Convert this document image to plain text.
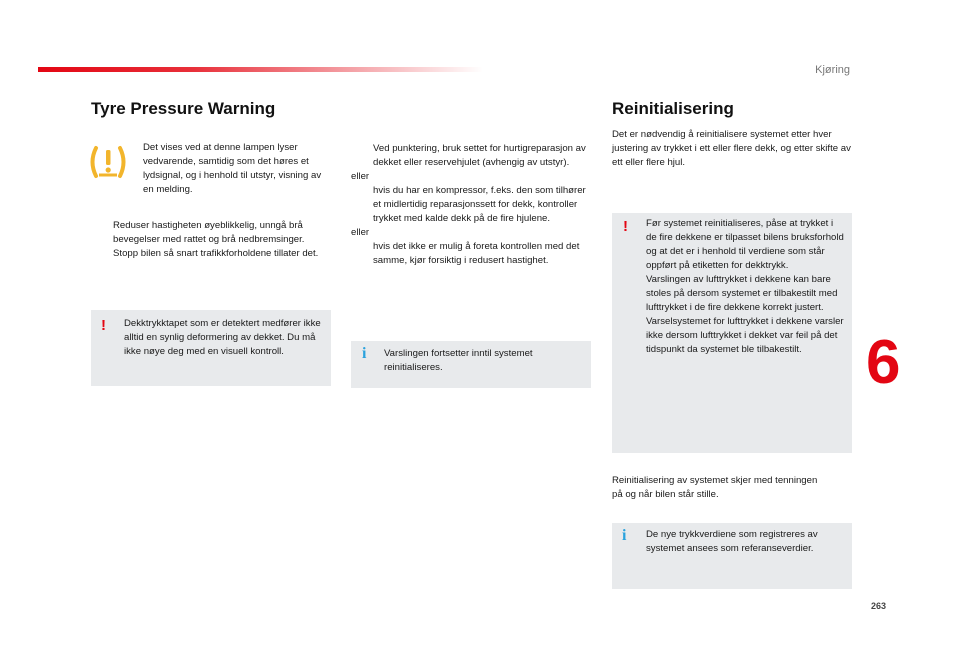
Kjøring
Tyre Pressure Warning
Det vises ved at denne lampen lyser vedvarende, samtidig som det høres et lydsignal, og i henhold til utstyr, visning av en melding.
Reduser hastigheten øyeblikkelig, unngå brå bevegelser med rattet og brå nedbremsinger.
Stopp bilen så snart trafikkforholdene tillater det.
! Dekktrykktapet som er detektert medfører ikke alltid en synlig deformering av dekket. Du må ikke nøye deg med en visuell kontroll.
Ved punktering, bruk settet for hurtigreparasjon av dekket eller reservehjulet (avhengig av utstyr).

eller

hvis du har en kompressor, f.eks. den som tilhører et midlertidig reparasjonssett for dekk, kontroller trykket med kalde dekk på de fire hjulene.

eller

hvis det ikke er mulig å foreta kontrollen med det samme, kjør forsiktig i redusert hastighet.
i Varslingen fortsetter inntil systemet reinitialiseres.
Reinitialisering
Det er nødvendig å reinitialisere systemet etter hver justering av trykket i ett eller flere dekk, og etter skifte av ett eller flere hjul.
! Før systemet reinitialiseres, påse at trykket i de fire dekkene er tilpasset bilens bruksforhold og at det er i henhold til verdiene som står oppført på etiketten for dekktrykk.

Varslingen av lufttrykket i dekkene kan bare stoles på dersom systemet er tilbakestilt med lufttrykket i de fire dekkene korrekt justert.

Varselsystemet for lufttrykket i dekkene varsler ikke dersom lufttrykket i dekket var feil på det tidspunkt da systemet ble tilbakestilt.

Reinitialisering av systemet skjer med tenningen på og når bilen står stille.
i De nye trykkverdiene som registreres av systemet ansees som referanseverdier.
6
263
